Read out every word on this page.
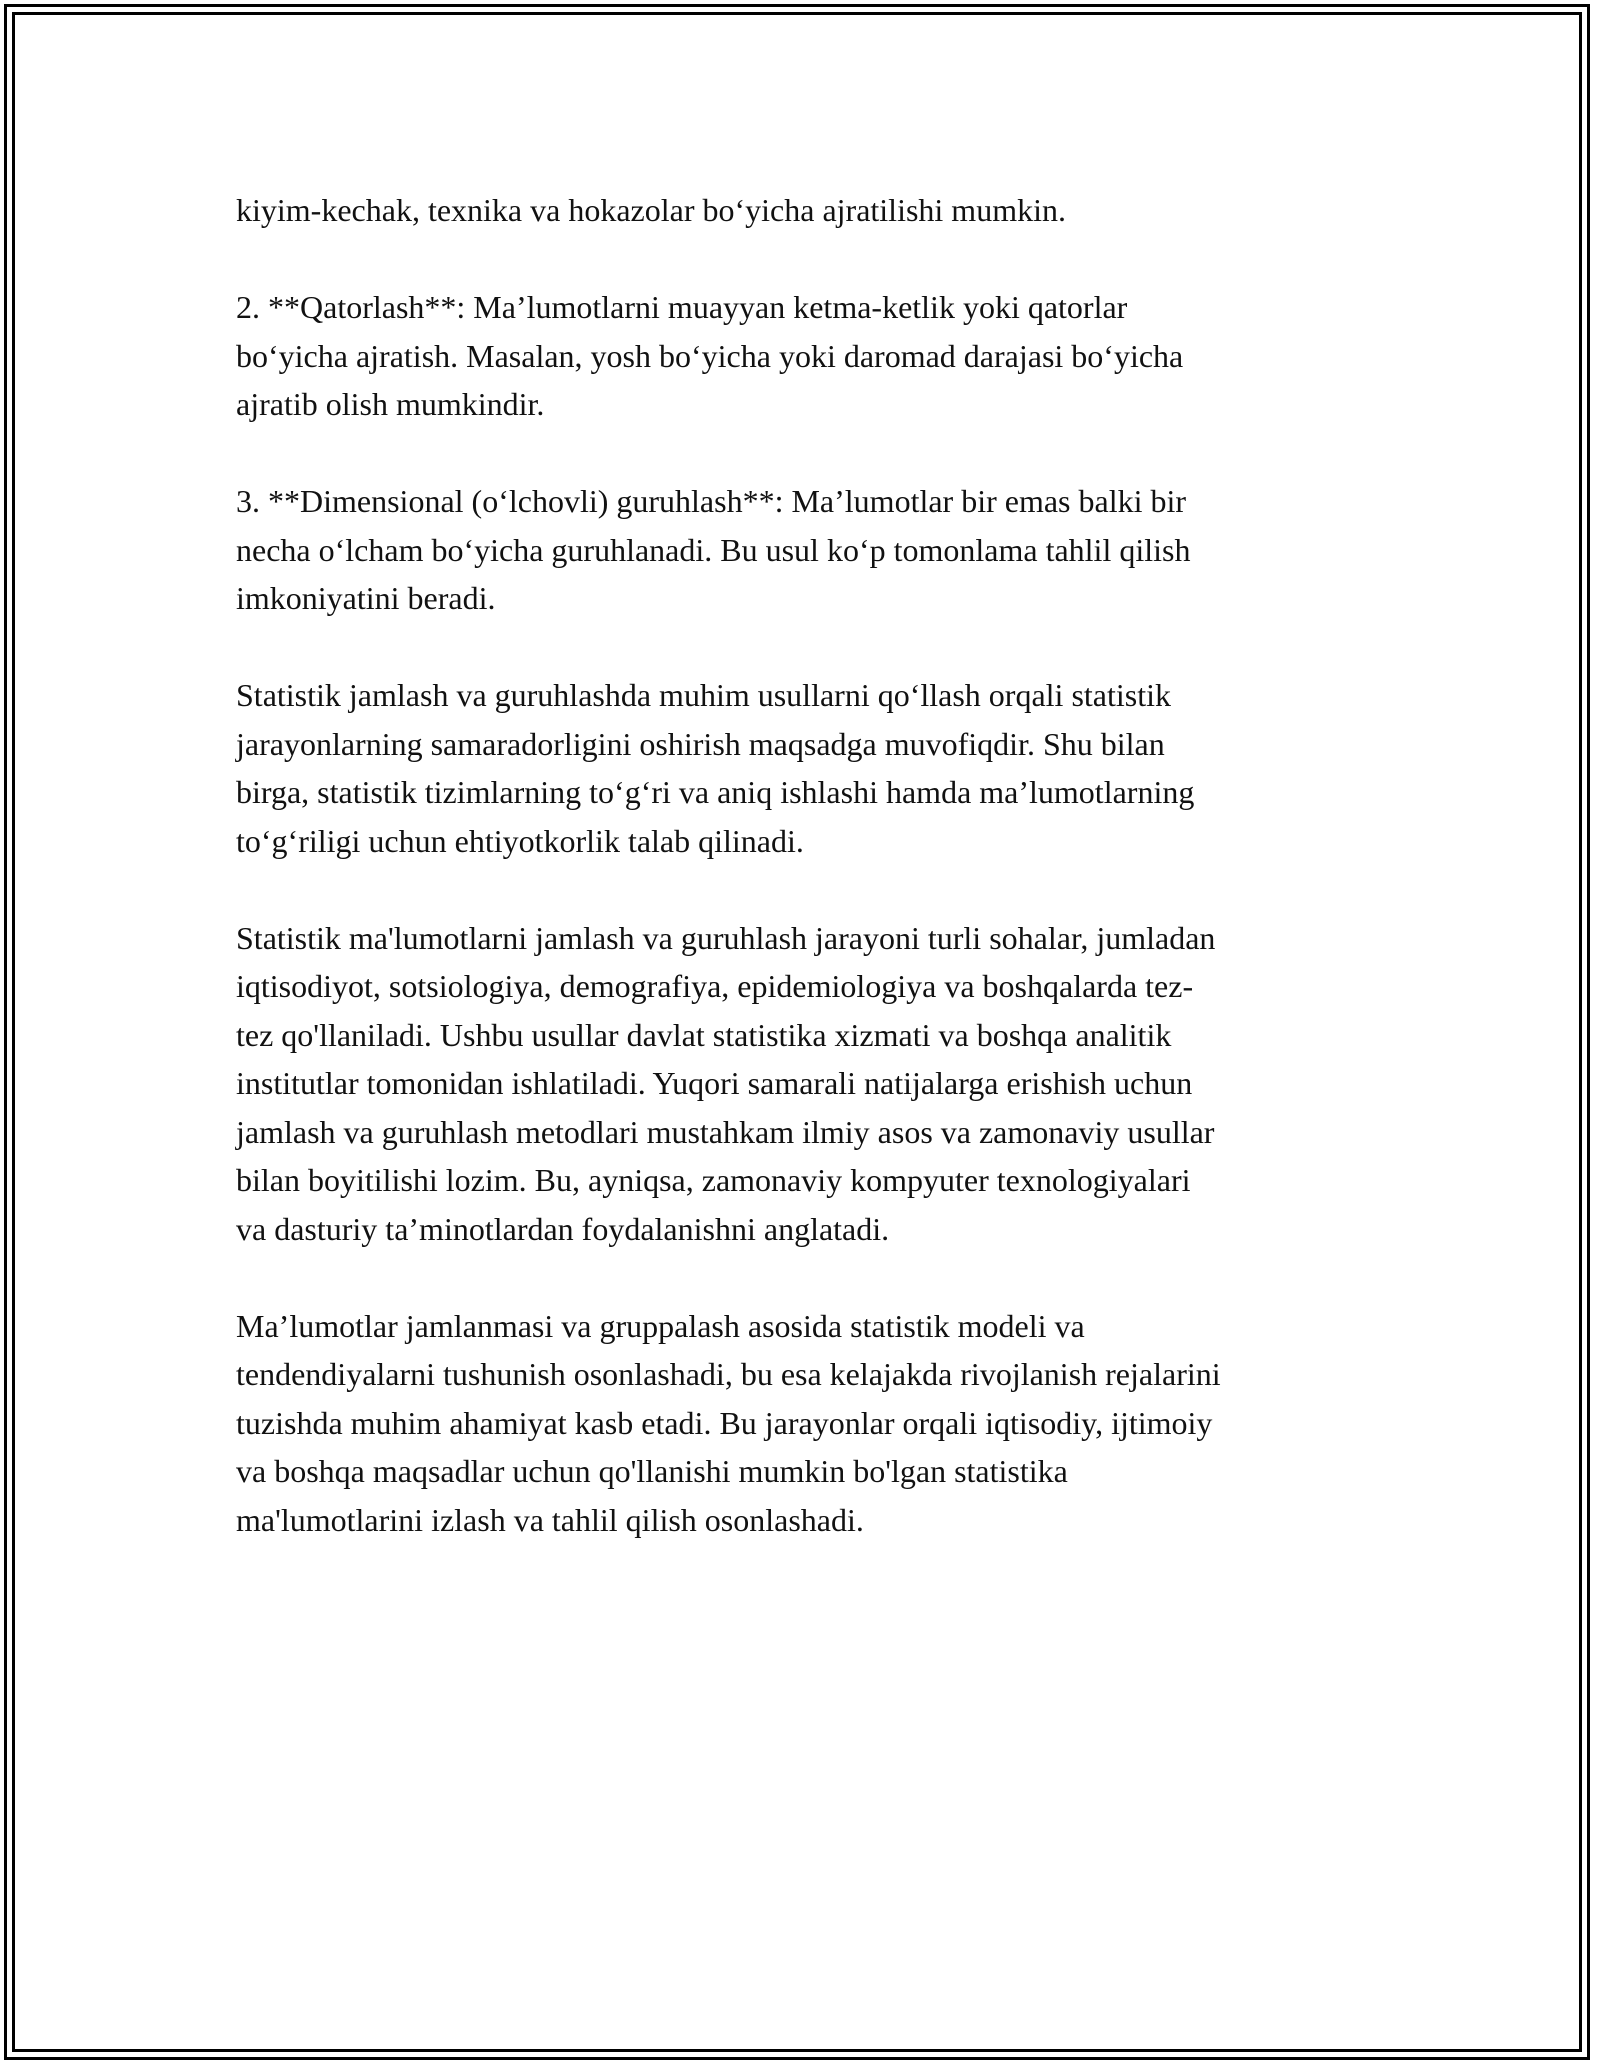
kiyim-kechak, texnika va hokazolar bo‘yicha ajratilishi mumkin.

2. **Qatorlash**: Ma’lumotlarni muayyan ketma-ketlik yoki qatorlar
bo‘yicha ajratish. Masalan, yosh bo‘yicha yoki daromad darajasi bo‘yicha
ajratib olish mumkindir.

3. **Dimensional (o‘lchovli) guruhlash**: Ma’lumotlar bir emas balki bir
necha o‘lcham bo‘yicha guruhlanadi. Bu usul ko‘p tomonlama tahlil qilish
imkoniyatini beradi.

Statistik jamlash va guruhlashda muhim usullarni qo‘llash orqali statistik
jarayonlarning samaradorligini oshirish maqsadga muvofiqdir. Shu bilan
birga, statistik tizimlarning to‘g‘ri va aniq ishlashi hamda ma’lumotlarning
to‘g‘riligi uchun ehtiyotkorlik talab qilinadi.

Statistik ma'lumotlarni jamlash va guruhlash jarayoni turli sohalar, jumladan
iqtisodiyot, sotsiologiya, demografiya, epidemiologiya va boshqalarda tez-
tez qo'llaniladi. Ushbu usullar davlat statistika xizmati va boshqa analitik
institutlar tomonidan ishlatiladi. Yuqori samarali natijalarga erishish uchun
jamlash va guruhlash metodlari mustahkam ilmiy asos va zamonaviy usullar
bilan boyitilishi lozim. Bu, ayniqsa, zamonaviy kompyuter texnologiyalari
va dasturiy ta’minotlardan foydalanishni anglatadi.

Ma’lumotlar jamlanmasi va gruppalash asosida statistik modeli va
tendendiyalarni tushunish osonlashadi, bu esa kelajakda rivojlanish rejalarini
tuzishda muhim ahamiyat kasb etadi. Bu jarayonlar orqali iqtisodiy, ijtimoiy
va boshqa maqsadlar uchun qo'llanishi mumkin bo'lgan statistika
ma'lumotlarini izlash va tahlil qilish osonlashadi.
